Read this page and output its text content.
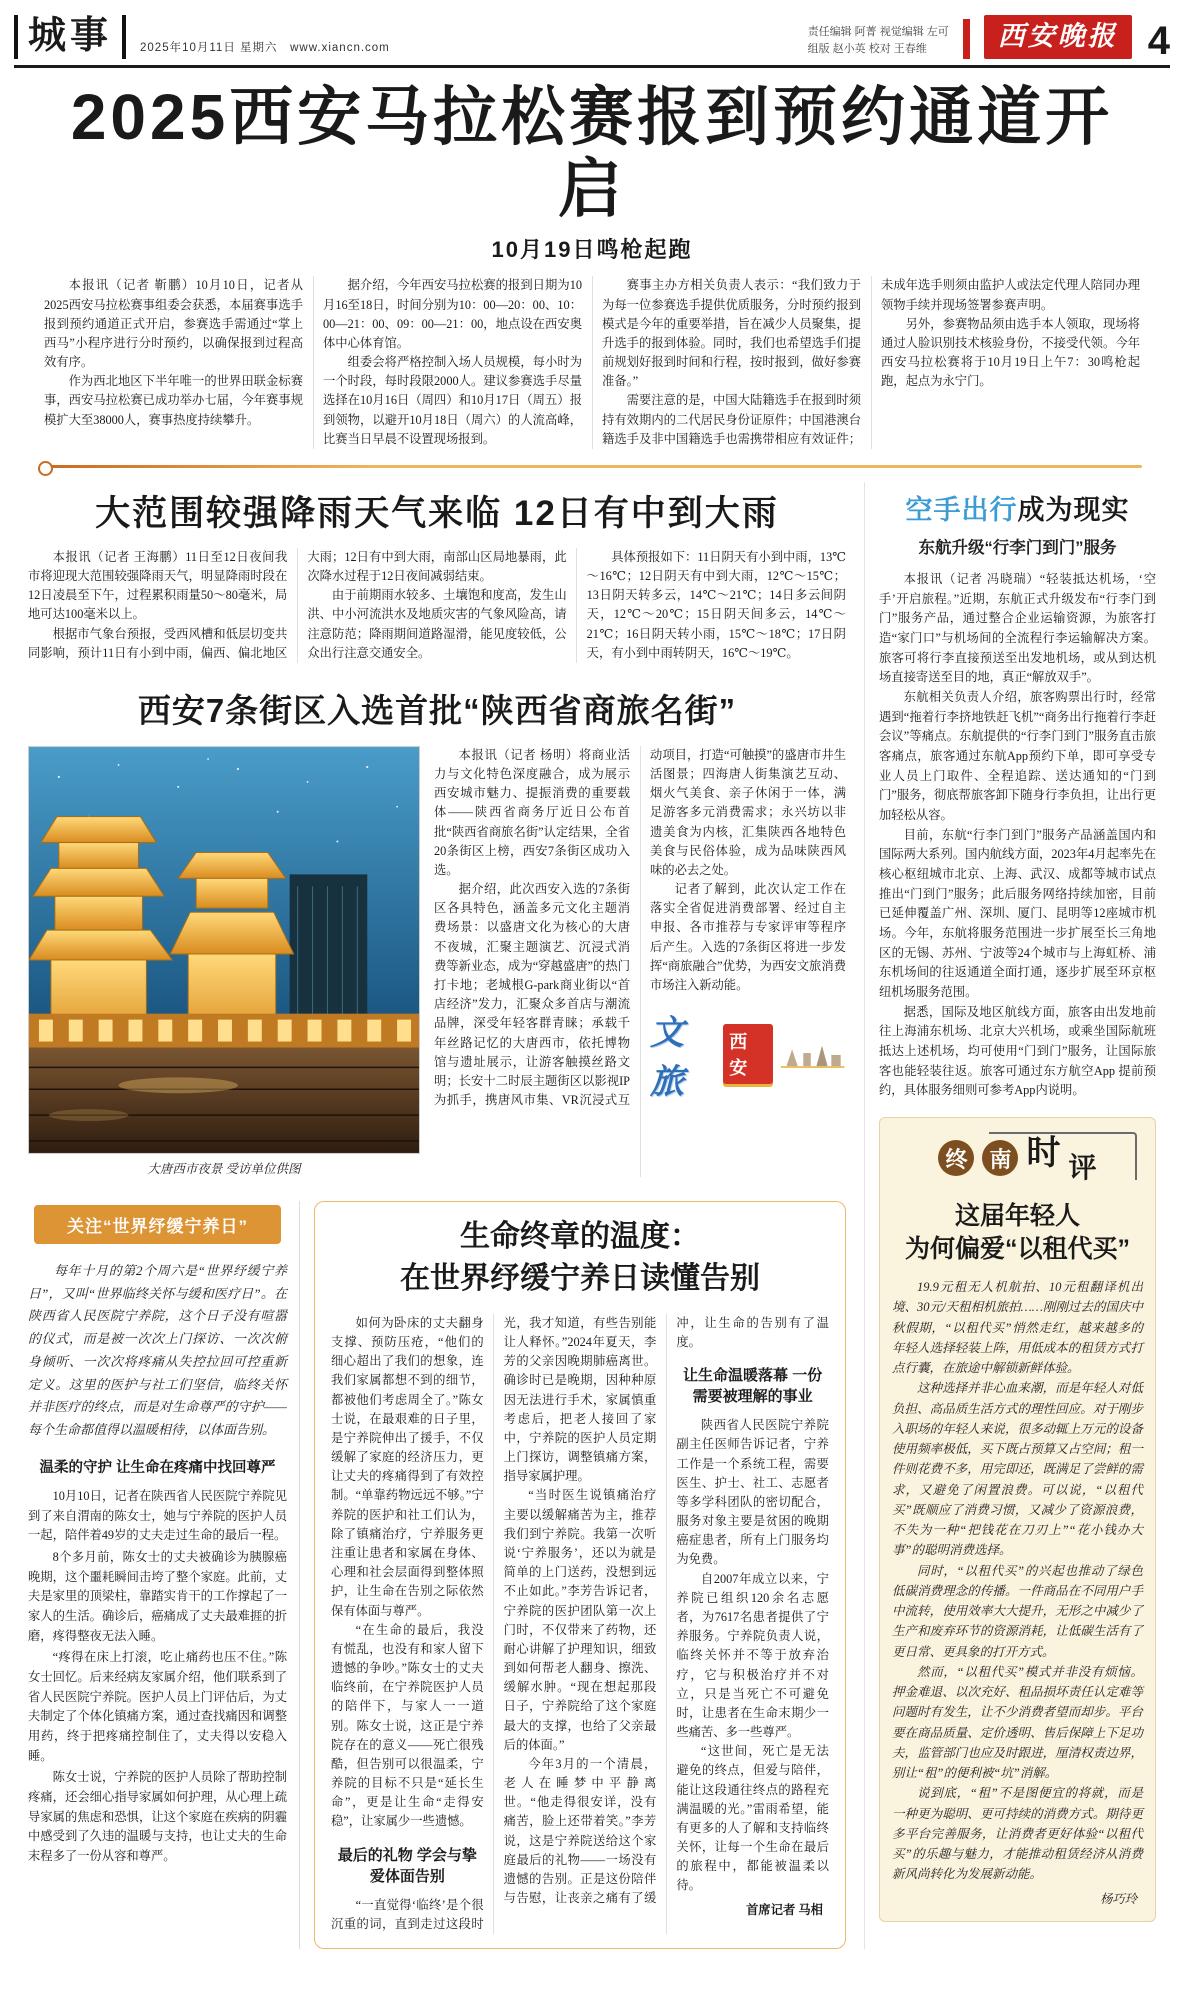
城事	2025年10月11日 星期六 www.xiancn.com
责任编辑 阿菁 视觉编辑 左可
组版 赵小英 校对 王春维	西安晚报 4
2025西安马拉松赛报到预约通道开启
10月19日鸣枪起跑

本报讯（记者 靳鹏）10月10日，记者从2025西安马拉松赛事组委会获悉，本届赛事选手报到预约通道正式开启，参赛选手需通过“掌上西马”小程序进行分时预约，以确保报到过程高效有序。

作为西北地区下半年唯一的世界田联金标赛事，西安马拉松赛已成功举办七届，今年赛事规模扩大至38000人，赛事热度持续攀升。

据介绍，今年西安马拉松赛的报到日期为10月16至18日，时间分别为10：00—20：00、10：00—21：00、09：00—21：00，地点设在西安奥体中心体育馆。

组委会将严格控制入场人员规模，每小时为一个时段，每时段限2000人。建议参赛选手尽量选择在10月16日（周四）和10月17日（周五）报到领物，以避开10月18日（周六）的人流高峰，比赛当日早晨不设置现场报到。

赛事主办方相关负责人表示：“我们致力于为每一位参赛选手提供优质服务，分时预约报到模式是今年的重要举措，旨在减少人员聚集，提升选手的报到体验。同时，我们也希望选手们提前规划好报到时间和行程，按时报到，做好参赛准备。”

需要注意的是，中国大陆籍选手在报到时须持有效期内的二代居民身份证原件；中国港澳台籍选手及非中国籍选手也需携带相应有效证件；未成年选手则须由监护人或法定代理人陪同办理领物手续并现场签署参赛声明。

另外，参赛物品须由选手本人领取，现场将通过人脸识别技术核验身份，不接受代领。今年西安马拉松赛将于10月19日上午7：30鸣枪起跑，起点为永宁门。

大范围较强降雨天气来临 12日有中到大雨

本报讯（记者 王海鹏）11日至12日夜间我市将迎现大范围较强降雨天气，明显降雨时段在12日凌晨至下午，过程累积雨量50～80毫米，局地可达100毫米以上。

根据市气象台预报，受西风槽和低层切变共同影响，预计11日有小到中雨，偏西、偏北地区大雨；12日有中到大雨，南部山区局地暴雨，此次降水过程于12日夜间减弱结束。

由于前期雨水较多、土壤饱和度高，发生山洪、中小河流洪水及地质灾害的气象风险高，请注意防范；降雨期间道路湿滑，能见度较低，公众出行注意交通安全。

具体预报如下：11日阴天有小到中雨，13℃～16℃；12日阴天有中到大雨，12℃～15℃；13日阴天转多云，14℃～21℃；14日多云间阴天，12℃～20℃；15日阴天间多云，14℃～21℃；16日阴天转小雨，15℃～18℃；17日阴天，有小到中雨转阴天，16℃～19℃。

西安7条街区入选首批“陕西省商旅名街”
大唐西市夜景 受访单位供图

本报讯（记者 杨明）将商业活力与文化特色深度融合，成为展示西安城市魅力、提振消费的重要载体——陕西省商务厅近日公布首批“陕西省商旅名街”认定结果，全省20条街区上榜，西安7条街区成功入选。

据介绍，此次西安入选的7条街区各具特色，涵盖多元文化主题消费场景：以盛唐文化为核心的大唐不夜城，汇聚主题演艺、沉浸式消费等新业态，成为“穿越盛唐”的热门打卡地；老城根G-park商业街以“首店经济”发力，汇聚众多首店与潮流品牌，深受年轻客群青睐；承载千年丝路记忆的大唐西市，依托博物馆与遗址展示，让游客触摸丝路文明；长安十二时辰主题街区以影视IP为抓手，携唐风市集、VR沉浸式互动项目，打造“可触摸”的盛唐市井生活图景；四海唐人街集演艺互动、烟火气美食、亲子休闲于一体，满足游客多元消费需求；永兴坊以非遗美食为内核，汇集陕西各地特色美食与民俗体验，成为品味陕西风味的必去之处。

记者了解到，此次认定工作在落实全省促进消费部署、经过自主申报、各市推荐与专家评审等程序后产生。入选的7条街区将进一步发挥“商旅融合”优势，为西安文旅消费市场注入新动能。

文旅
西安
关注“世界纾缓宁养日”

每年十月的第2个周六是“世界纾缓宁养日”，又叫“世界临终关怀与缓和医疗日”。在陕西省人民医院宁养院，这个日子没有喧嚣的仪式，而是被一次次上门探访、一次次俯身倾听、一次次将疼痛从失控拉回可控重新定义。这里的医护与社工们坚信，临终关怀并非医疗的终点，而是对生命尊严的守护——每个生命都值得以温暖相待，以体面告别。

温柔的守护 让生命在疼痛中找回尊严

10月10日，记者在陕西省人民医院宁养院见到了来自渭南的陈女士，她与宁养院的医护人员一起，陪伴着49岁的丈夫走过生命的最后一程。

8个多月前，陈女士的丈夫被确诊为胰腺癌晚期，这个噩耗瞬间击垮了整个家庭。此前，丈夫是家里的顶梁柱，靠踏实肯干的工作撑起了一家人的生活。确诊后，癌痛成了丈夫最难捱的折磨，疼得整夜无法入睡。

“疼得在床上打滚，吃止痛药也压不住。”陈女士回忆。后来经病友家属介绍，他们联系到了省人民医院宁养院。医护人员上门评估后，为丈夫制定了个体化镇痛方案，通过查找痛因和调整用药，终于把疼痛控制住了，丈夫得以安稳入睡。

陈女士说，宁养院的医护人员除了帮助控制疼痛，还会细心指导家属如何护理，从心理上疏导家属的焦虑和恐惧，让这个家庭在疾病的阴霾中感受到了久违的温暖与支持，也让丈夫的生命末程多了一份从容和尊严。

生命终章的温度：
在世界纾缓宁养日读懂告别

如何为卧床的丈夫翻身支撑、预防压疮，“他们的细心超出了我们的想象，连我们家属都想不到的细节，都被他们考虑周全了。”陈女士说，在最艰难的日子里，是宁养院伸出了援手，不仅缓解了家庭的经济压力，更让丈夫的疼痛得到了有效控制。“单靠药物远远不够。”宁养院的医护和社工们认为，除了镇痛治疗，宁养服务更注重让患者和家属在身体、心理和社会层面得到整体照护，让生命在告别之际依然保有体面与尊严。

“在生命的最后，我没有慌乱，也没有和家人留下遗憾的争吵。”陈女士的丈夫临终前，在宁养院医护人员的陪伴下，与家人一一道别。陈女士说，这正是宁养院存在的意义——死亡很残酷，但告别可以很温柔，宁养院的目标不只是“延长生命”，更是让生命“走得安稳”，让家属少一些遗憾。

最后的礼物 学会与挚爱体面告别

“一直觉得‘临终’是个很沉重的词，直到走过这段时光，我才知道，有些告别能让人释怀。”2024年夏天，李芳的父亲因晚期肺癌离世。确诊时已是晚期，因种种原因无法进行手术，家属慎重考虑后，把老人接回了家中，宁养院的医护人员定期上门探访，调整镇痛方案，指导家属护理。

“当时医生说镇痛治疗主要以缓解痛苦为主，推荐我们到宁养院。我第一次听说‘宁养服务’，还以为就是简单的上门送药，没想到远不止如此。”李芳告诉记者，宁养院的医护团队第一次上门时，不仅带来了药物，还耐心讲解了护理知识，细致到如何帮老人翻身、擦洗、缓解水肿。“现在想起那段日子，宁养院给了这个家庭最大的支撑，也给了父亲最后的体面。”

今年3月的一个清晨，老人在睡梦中平静离世。“他走得很安详，没有痛苦，脸上还带着笑。”李芳说，这是宁养院送给这个家庭最后的礼物——一场没有遗憾的告别。正是这份陪伴与告慰，让丧亲之痛有了缓冲，让生命的告别有了温度。

让生命温暖落幕 一份需要被理解的事业

陕西省人民医院宁养院副主任医师告诉记者，宁养工作是一个系统工程，需要医生、护士、社工、志愿者等多学科团队的密切配合，服务对象主要是贫困的晚期癌症患者，所有上门服务均为免费。

自2007年成立以来，宁养院已组织120余名志愿者，为7617名患者提供了宁养服务。宁养院负责人说，临终关怀并不等于放弃治疗，它与积极治疗并不对立，只是当死亡不可避免时，让患者在生命末期少一些痛苦、多一些尊严。

“这世间，死亡是无法避免的终点，但爱与陪伴，能让这段通往终点的路程充满温暖的光。”雷雨希望，能有更多的人了解和支持临终关怀，让每一个生命在最后的旅程中，都能被温柔以待。

首席记者 马相
空手出行成为现实
东航升级“行李门到门”服务

本报讯（记者 冯晓瑞）“轻装抵达机场，‘空手’开启旅程。”近期，东航正式升级发布“行李门到门”服务产品，通过整合企业运输资源，为旅客打造“家门口”与机场间的全流程行李运输解决方案。旅客可将行李直接预送至出发地机场，或从到达机场直接寄送至目的地，真正“解放双手”。

东航相关负责人介绍，旅客购票出行时，经常遇到“拖着行李挤地铁赶飞机”“商务出行拖着行李赶会议”等痛点。东航提供的“行李门到门”服务直击旅客痛点，旅客通过东航App预约下单，即可享受专业人员上门取件、全程追踪、送达通知的“门到门”服务，彻底帮旅客卸下随身行李负担，让出行更加轻松从容。

目前，东航“行李门到门”服务产品涵盖国内和国际两大系列。国内航线方面，2023年4月起率先在核心枢纽城市北京、上海、武汉、成都等城市试点推出“门到门”服务；此后服务网络持续加密，目前已延伸覆盖广州、深圳、厦门、昆明等12座城市机场。今年，东航将服务范围进一步扩展至长三角地区的无锡、苏州、宁波等24个城市与上海虹桥、浦东机场间的往返通道全面打通，逐步扩展至环京枢纽机场服务范围。

据悉，国际及地区航线方面，旅客由出发地前往上海浦东机场、北京大兴机场，或乘坐国际航班抵达上述机场，均可使用“门到门”服务，让国际旅客也能轻装往返。旅客可通过东方航空App 提前预约，具体服务细则可参考App内说明。

终 南 时 评
这届年轻人
为何偏爱“以租代买”

19.9元租无人机航拍、10元租翻译机出境、30元/天租相机旅拍……刚刚过去的国庆中秋假期，“以租代买”悄然走红，越来越多的年轻人选择轻装上阵，用低成本的租赁方式打点行囊，在旅途中解锁新鲜体验。

这种选择并非心血来潮，而是年轻人对低负担、高品质生活方式的理性回应。对于刚步入职场的年轻人来说，很多动辄上万元的设备使用频率极低，买下既占预算又占空间；租一件则花费不多，用完即还，既满足了尝鲜的需求，又避免了闲置浪费。可以说，“以租代买”既顺应了消费习惯，又减少了资源浪费，不失为一种“把钱花在刀刃上”“花小钱办大事”的聪明消费选择。

同时，“以租代买”的兴起也推动了绿色低碳消费理念的传播。一件商品在不同用户手中流转，使用效率大大提升，无形之中减少了生产和废弃环节的资源消耗，让低碳生活有了更日常、更具象的打开方式。

然而，“以租代买”模式并非没有烦恼。押金难退、以次充好、租品损坏责任认定难等问题时有发生，让不少消费者望而却步。平台要在商品质量、定价透明、售后保障上下足功夫，监管部门也应及时跟进，厘清权责边界，别让“租”的便利被“坑”消解。

说到底，“租”不是图便宜的将就，而是一种更为聪明、更可持续的消费方式。期待更多平台完善服务，让消费者更好体验“以租代买”的乐趣与魅力，才能推动租赁经济从消费新风尚转化为发展新动能。

杨巧玲
